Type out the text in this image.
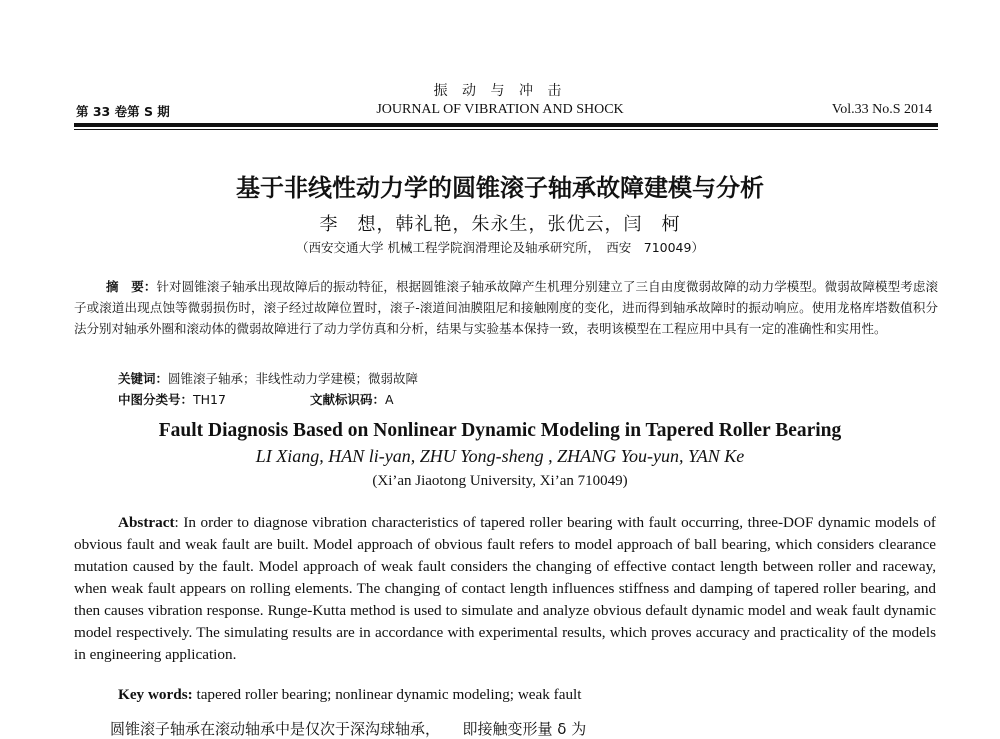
振 动 与 冲 击
第 33 卷第 S 期	JOURNAL OF VIBRATION AND SHOCK	Vol.33 No.S 2014
基于非线性动力学的圆锥滚子轴承故障建模与分析
李　想，韩礼艳，朱永生，张优云，闫　柯
（西安交通大学 机械工程学院润滑理论及轴承研究所，　西安　710049）
摘　要：针对圆锥滚子轴承出现故障后的振动特征，根据圆锥滚子轴承故障产生机理分别建立了三自由度微弱故障的动力学模型。微弱故障模型考虑滚子或滚道出现点蚀等微弱损伤时，滚子经过故障位置时，滚子-滚道间油膜阻尼和接触刚度的变化，进而得到轴承故障时的振动响应。使用龙格库塔数值积分法分别对轴承外圈和滚动体的微弱故障进行了动力学仿真和分析，结果与实验基本保持一致，表明该模型在工程应用中具有一定的准确性和实用性。
关键词：圆锥滚子轴承；非线性动力学建模；微弱故障
中图分类号：TH17	文献标识码：A
Fault Diagnosis Based on Nonlinear Dynamic Modeling in Tapered Roller Bearing
LI Xiang, HAN li-yan, ZHU Yong-sheng , ZHANG You-yun, YAN Ke
(Xi’an Jiaotong University, Xi’an 710049)
Abstract: In order to diagnose vibration characteristics of tapered roller bearing with fault occurring, three-DOF dynamic models of obvious fault and weak fault are built. Model approach of obvious fault refers to model approach of ball bearing, which considers clearance mutation caused by the fault. Model approach of weak fault considers the changing of effective contact length between roller and raceway, when weak fault appears on rolling elements. The changing of contact length influences stiffness and damping of tapered roller bearing, and then causes vibration response. Runge-Kutta method is used to simulate and analyze obvious default dynamic model and weak fault dynamic model respectively. The simulating results are in accordance with experimental results, which proves accuracy and practicality of the models in engineering application.
Key words: tapered roller bearing; nonlinear dynamic modeling; weak fault
圆锥滚子轴承在滚动轴承中是仅次于深沟球轴承，　　即接触变形量 δ 为
